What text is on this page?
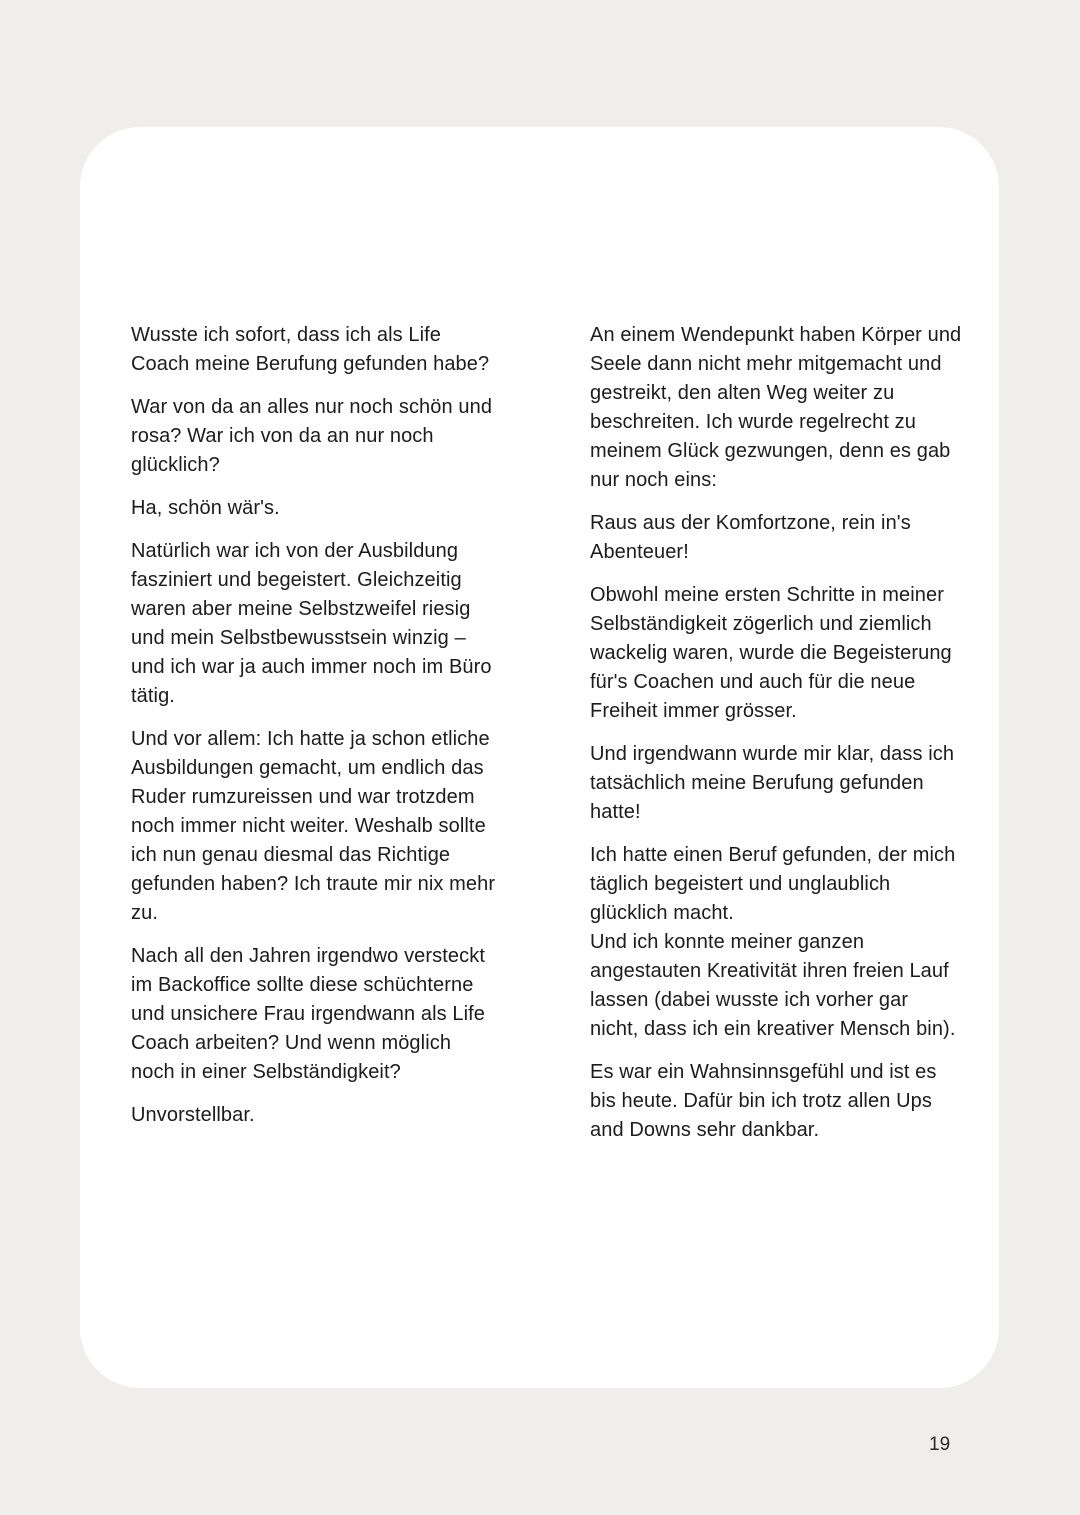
Wusste ich sofort, dass ich als Life Coach meine Berufung gefunden habe?

War von da an alles nur noch schön und rosa? War ich von da an nur noch glücklich?

Ha, schön wär's.

Natürlich war ich von der Ausbildung fasziniert und begeistert. Gleichzeitig waren aber meine Selbstzweifel riesig und mein Selbstbewusstsein winzig – und ich war ja auch immer noch im Büro tätig.

Und vor allem: Ich hatte ja schon etliche Ausbildungen gemacht, um endlich das Ruder rumzureissen und war trotzdem noch immer nicht weiter. Weshalb sollte ich nun genau diesmal das Richtige gefunden haben? Ich traute mir nix mehr zu.

Nach all den Jahren irgendwo versteckt im Backoffice sollte diese schüchterne und unsichere Frau irgendwann als Life Coach arbeiten? Und wenn möglich noch in einer Selbständigkeit?

Unvorstellbar.

An einem Wendepunkt haben Körper und Seele dann nicht mehr mitgemacht und gestreikt, den alten Weg weiter zu beschreiten. Ich wurde regelrecht zu meinem Glück gezwungen, denn es gab nur noch eins:

Raus aus der Komfortzone, rein in's Abenteuer!

Obwohl meine ersten Schritte in meiner Selbständigkeit zögerlich und ziemlich wackelig waren, wurde die Begeisterung für's Coachen und auch für die neue Freiheit immer grösser.

Und irgendwann wurde mir klar, dass ich tatsächlich meine Berufung gefunden hatte!

Ich hatte einen Beruf gefunden, der mich täglich begeistert und unglaublich glücklich macht.
Und ich konnte meiner ganzen angestauten Kreativität ihren freien Lauf lassen (dabei wusste ich vorher gar nicht, dass ich ein kreativer Mensch bin).

Es war ein Wahnsinnsgefühl und ist es bis heute. Dafür bin ich trotz allen Ups and Downs sehr dankbar.

19
